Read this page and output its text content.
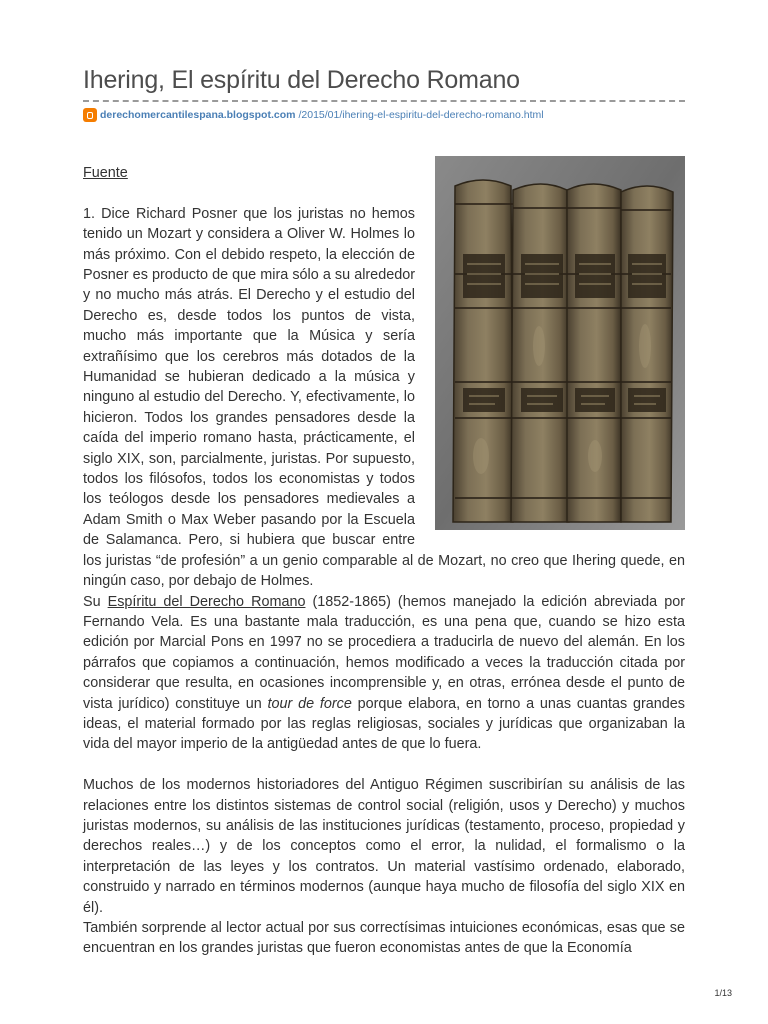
Ihering, El espíritu del Derecho Romano
derechomercantilespana.blogspot.com /2015/01/ihering-el-espiritu-del-derecho-romano.html

Fuente

1. Dice Richard Posner que los juristas no hemos tenido un Mozart y considera a Oliver W. Holmes lo más próximo. Con el debido respeto, la elección de Posner es producto de que mira sólo a su alrededor y no mucho más atrás. El Derecho y el estudio del Derecho es, desde todos los puntos de vista, mucho más importante que la Música y sería extrañísimo que los cerebros más dotados de la Humanidad se hubieran dedicado a la música y ninguno al estudio del Derecho. Y, efectivamente, lo hicieron. Todos los grandes pensadores desde la caída del imperio romano hasta, prácticamente, el siglo XIX, son, parcialmente, juristas. Por supuesto, todos los filósofos, todos los economistas y todos los teólogos desde los pensadores medievales a Adam Smith o Max Weber pasando por la Escuela de Salamanca. Pero, si hubiera que buscar entre los juristas “de profesión” a un genio comparable al de Mozart, no creo que Ihering quede, en ningún caso, por debajo de Holmes.

Su Espíritu del Derecho Romano (1852-1865) (hemos manejado la edición abreviada por Fernando Vela. Es una bastante mala traducción, es una pena que, cuando se hizo esta edición por Marcial Pons en 1997 no se procediera a traducirla de nuevo del alemán. En los párrafos que copiamos a continuación, hemos modificado a veces la traducción citada por considerar que resulta, en ocasiones incomprensible y, en otras, errónea desde el punto de vista jurídico) constituye un tour de force porque elabora, en torno a unas cuantas grandes ideas, el material formado por las reglas religiosas, sociales y jurídicas que organizaban la vida del mayor imperio de la antigüedad antes de que lo fuera.

Muchos de los modernos historiadores del Antiguo Régimen suscribirían su análisis de las relaciones entre los distintos sistemas de control social (religión, usos y Derecho) y muchos juristas modernos, su análisis de las instituciones jurídicas (testamento, proceso, propiedad y derechos reales…) y de los conceptos como el error, la nulidad, el formalismo o la interpretación de las leyes y los contratos. Un material vastísimo ordenado, elaborado, construido y narrado en términos modernos (aunque haya mucho de filosofía del siglo XIX en él).

También sorprende al lector actual por sus correctísimas intuiciones económicas, esas que se encuentran en los grandes juristas que fueron economistas antes de que la Economía

1/13
